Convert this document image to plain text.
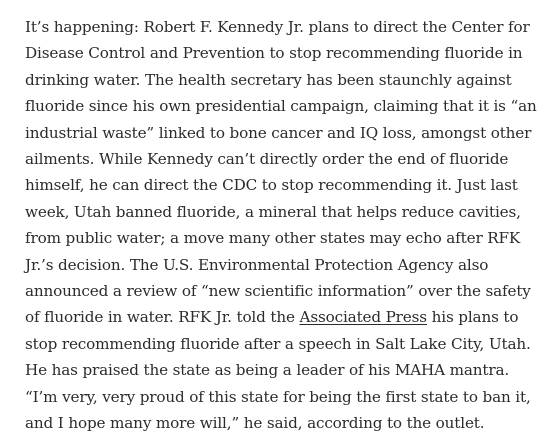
It’s happening: Robert F. Kennedy Jr. plans to direct the Center for Disease Control and Prevention to stop recommending fluoride in drinking water. The health secretary has been staunchly against fluoride since his own presidential campaign, claiming that it is “an industrial waste” linked to bone cancer and IQ loss, amongst other ailments. While Kennedy can’t directly order the end of fluoride himself, he can direct the CDC to stop recommending it. Just last week, Utah banned fluoride, a mineral that helps reduce cavities, from public water; a move many other states may echo after RFK Jr.’s decision. The U.S. Environmental Protection Agency also announced a review of “new scientific information” over the safety of fluoride in water. RFK Jr. told the Associated Press his plans to stop recommending fluoride after a speech in Salt Lake City, Utah. He has praised the state as being a leader of his MAHA mantra. “I’m very, very proud of this state for being the first state to ban it, and I hope many more will,” he said, according to the outlet.
